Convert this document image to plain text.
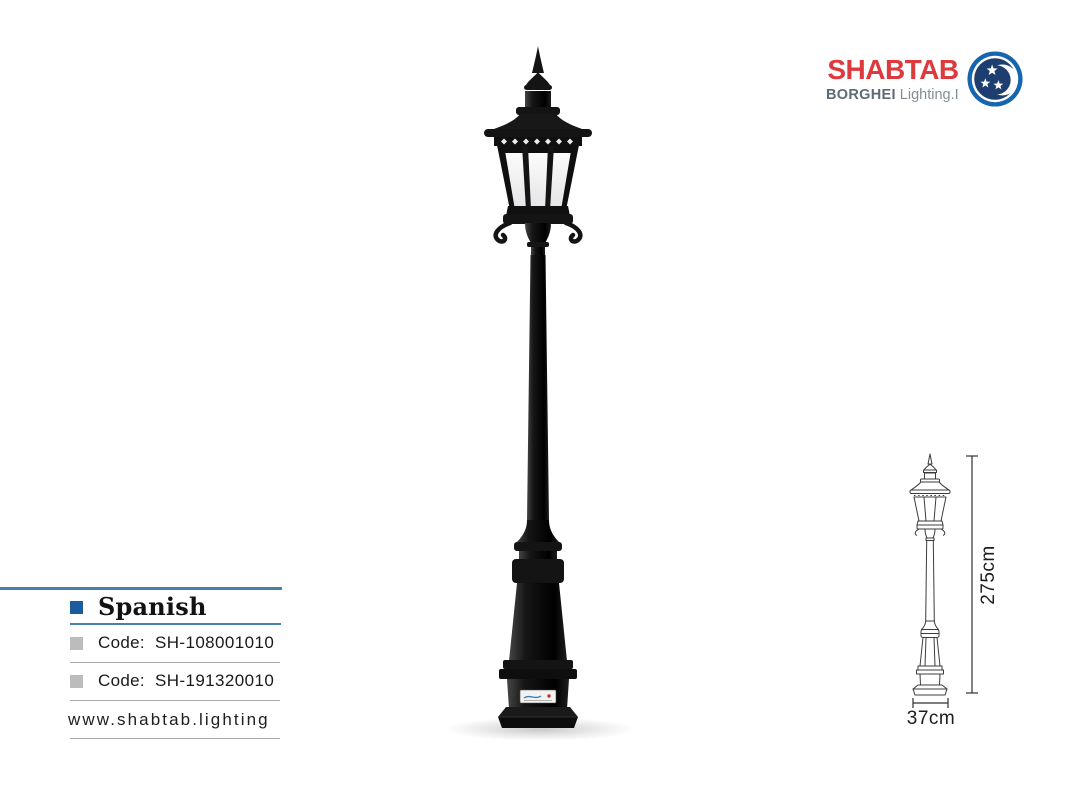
SHABTAB
BORGHEI Lighting.I
275cm
37cm
Spanish
Code: SH-108001010
Code: SH-191320010
www.shabtab.lighting
